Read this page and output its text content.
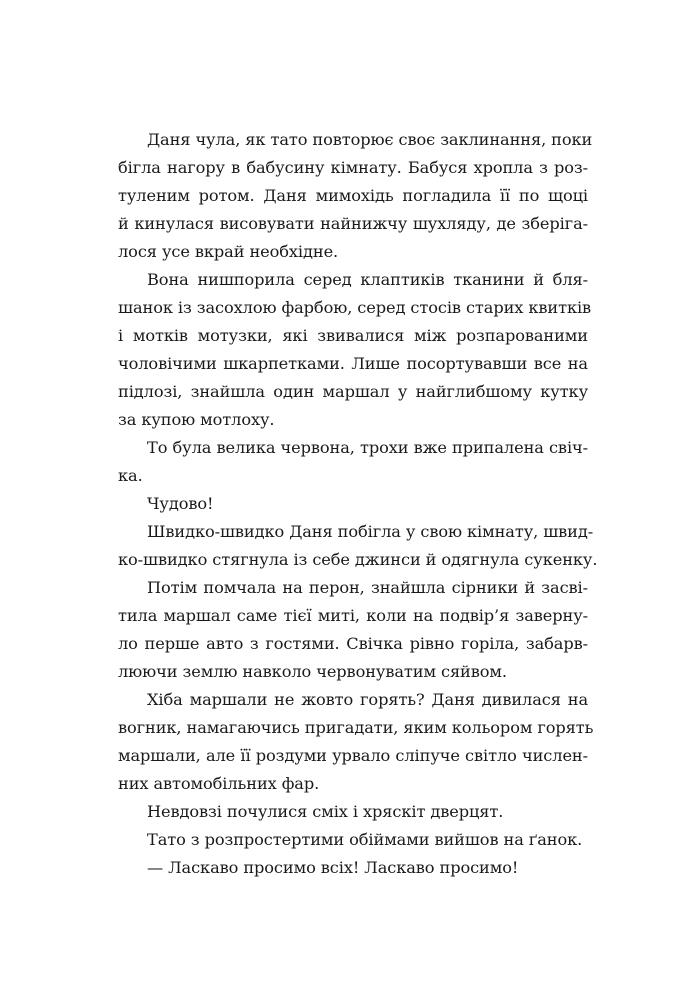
Даня чула, як тато повторює своє заклинання, поки
бігла нагору в бабусину кімнату. Бабуся хропла з роз-
туленим ротом. Даня мимохідь погладила її по щоці
й кинулася висовувати найнижчу шухляду, де зберіга-
лося усе вкрай необхідне.
Вона нишпорила серед клаптиків тканини й бля-
шанок із засохлою фарбою, серед стосів старих квитків
і мотків мотузки, які звивалися між розпарованими
чоловічими шкарпетками. Лише посортувавши все на
підлозі, знайшла один маршал у найглибшому кутку
за купою мотлоху.
То була велика червона, трохи вже припалена свіч-
ка.
Чудово!
Швидко-швидко Даня побігла у свою кімнату, швид-
ко-швидко стягнула із себе джинси й одягнула сукенку.
Потім помчала на перон, знайшла сірники й засві-
тила маршал саме тієї миті, коли на подвір’я заверну-
ло перше авто з гостями. Свічка рівно горіла, забарв-
люючи землю навколо червонуватим сяйвом.
Хіба маршали не жовто горять? Даня дивилася на
вогник, намагаючись пригадати, яким кольором горять
маршали, але її роздуми урвало сліпуче світло числен-
них автомобільних фар.
Невдовзі почулися сміх і хряскіт дверцят.
Тато з розпростертими обіймами вийшов на ґанок.
— Ласкаво просимо всіх! Ласкаво просимо!
